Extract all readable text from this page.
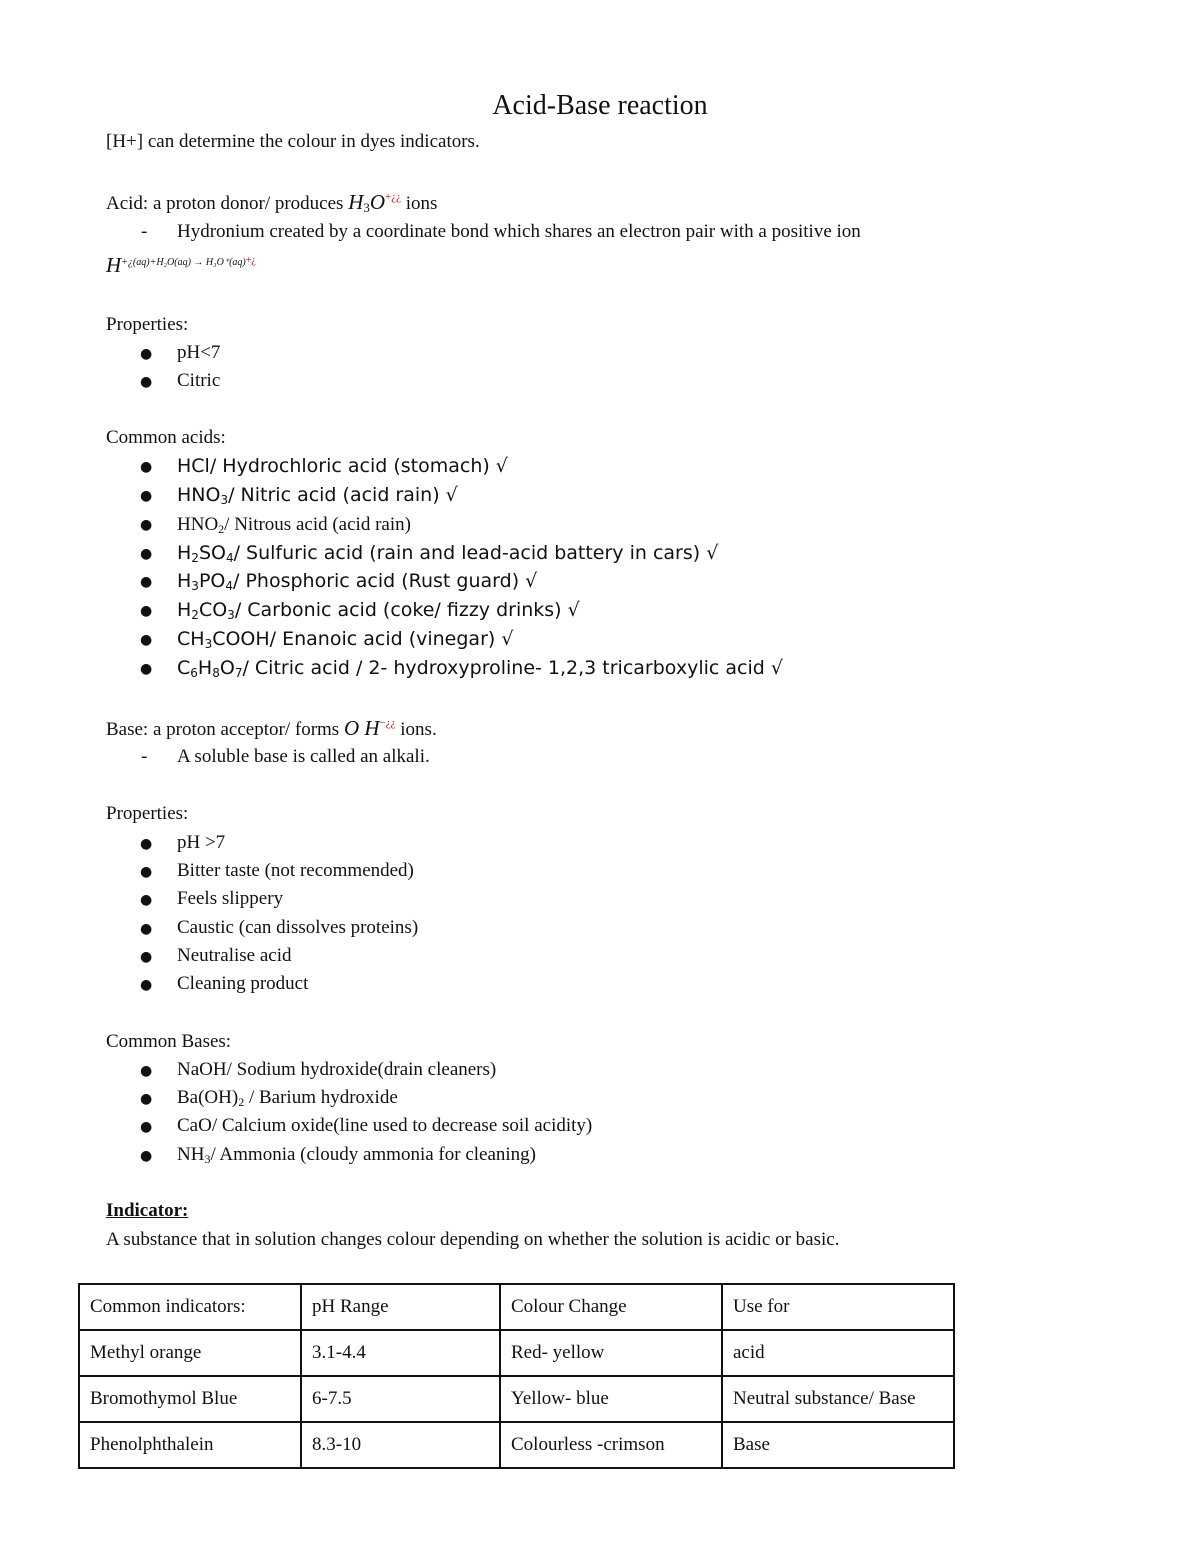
Acid-Base reaction
[H+] can determine the colour in dyes indicators.
Acid: a proton donor/ produces $H_3O^{+¿¿}$ ions
- Hydronium created by a coordinate bond which shares an electron pair with a positive ion
$H^{+¿(aq)+H_2O(aq) \to H_3O^+(aq)+¿}$
Properties:
● pH<7
● Citric
Common acids:
● HCl/ Hydrochloric acid (stomach) √
● HNO3/ Nitric acid (acid rain) √
● HNO2/ Nitrous acid (acid rain)
● H2SO4/ Sulfuric acid (rain and lead-acid battery in cars) √
● H3PO4/ Phosphoric acid (Rust guard) √
● H2CO3/ Carbonic acid (coke/ fizzy drinks) √
● CH3COOH/ Enanoic acid (vinegar) √
● C6H8O7/ Citric acid / 2- hydroxyproline- 1,2,3 tricarboxylic acid √
Base: a proton acceptor/ forms O H−¿¿ ions.
- A soluble base is called an alkali.
Properties:
● pH >7
● Bitter taste (not recommended)
● Feels slippery
● Caustic (can dissolves proteins)
● Neutralise acid
● Cleaning product
Common Bases:
● NaOH/ Sodium hydroxide(drain cleaners)
● Ba(OH)2 / Barium hydroxide
● CaO/ Calcium oxide(line used to decrease soil acidity)
● NH3/ Ammonia (cloudy ammonia for cleaning)
Indicator:
A substance that in solution changes colour depending on whether the solution is acidic or basic.
Common indicators:	pH Range	Colour Change	Use for
Methyl orange	3.1-4.4	Red- yellow	acid
Bromothymol Blue	6-7.5	Yellow- blue	Neutral substance/ Base
Phenolphthalein	8.3-10	Colourless -crimson	Base
